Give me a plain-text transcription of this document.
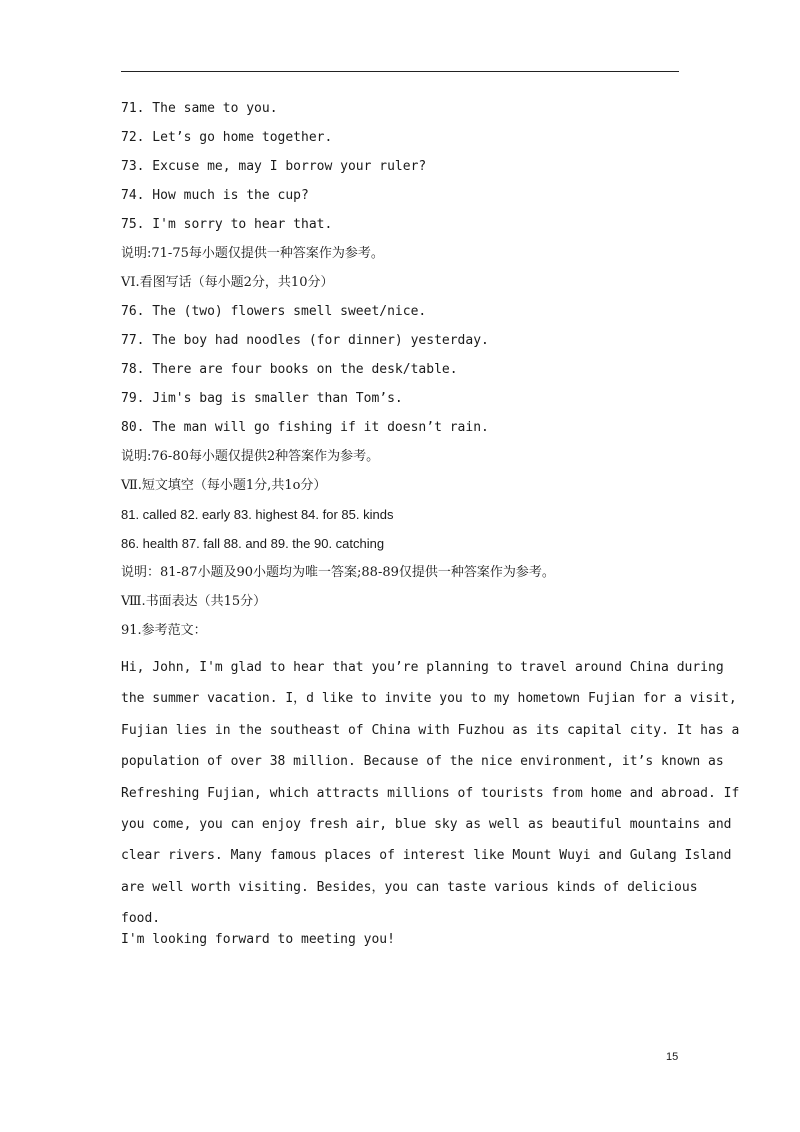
71. The same to you.
72. Let’s go home together.
73. Excuse me, may I borrow your ruler?
74. How much is the cup?
75. I'm sorry to hear that.
说明:71-75每小题仅提供一种答案作为参考。
VI.看图写话（每小题2分，共10分）
76. The (two) flowers smell sweet/nice.
77. The boy had noodles (for dinner) yesterday.
78. There are four books on the desk/table.
79. Jim's bag is smaller than Tom’s.
80. The man will go fishing if it doesn’t rain.
说明:76-80每小题仅提供2种答案作为参考。
Ⅶ.短文填空（每小题1分,共1o分）
81. called 82. early 83. highest 84. for 85. kinds
86. health 87. fall 88. and 89. the 90. catching
说明：81-87小题及90小题均为唯一答案;88-89仅提供一种答案作为参考。
Ⅷ.书面表达（共15分）
91.参考范文：
Hi, John, I'm glad to hear that you’re planning to travel around China during
the summer vacation. I，d like to invite you to my hometown Fujian for a visit,
Fujian lies in the southeast of China with Fuzhou as its capital city. It has a
population of over 38 million. Because of the nice environment, it’s known as
Refreshing Fujian, which attracts millions of tourists from home and abroad. If
you come, you can enjoy fresh air, blue sky as well as beautiful mountains and
clear rivers. Many famous places of interest like Mount Wuyi and Gulang Island
are well worth visiting. Besides，you can taste various kinds of delicious
food.
I'm looking forward to meeting you!
15
